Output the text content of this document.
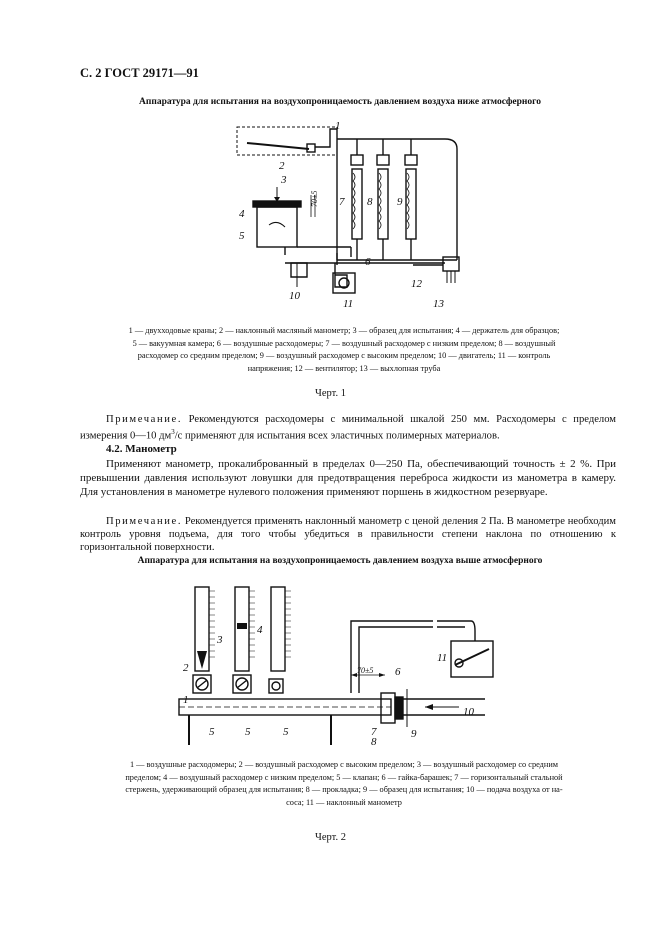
С. 2 ГОСТ 29171—91
Аппаратура для испытания на воздухопроницаемость давлением воздуха ниже атмосферного
1
2
3
4
5
6
7 8 9
10
11
12
13
70±5
1 — двухходовые краны; 2 — наклонный масляный манометр; 3 — образец для испытания; 4 — держатель для образцов;
5 — вакуумная камера; 6 — воздушные расходомеры; 7 — воздушный расходомер с низким пределом; 8 — воздушный
расходомер со средним пределом; 9 — воздушный расходомер с высоким пределом; 10 — двигатель; 11 — контроль
напряжения; 12 — вентилятор; 13 — выхлопная труба
Черт. 1
Примечание. Рекомендуются расходомеры с минимальной шкалой 250 мм. Расходомеры с пределом измерения 0—10 $дм^3/с$ применяют для испытания всех эластичных полимерных материалов.
4.2. Манометр
Применяют манометр, прокалиброванный в пределах 0—250 Па, обеспечивающий точность ± 2 %. При превышении давления используют ловушки для предотвращения переброса жидкости из манометра в камеру. Для установления в манометре нулевого положения применяют поршень в жидкостном резервуаре.
Примечание. Рекомендуется применять наклонный манометр с ценой деления 2 Па. В манометре необходим контроль уровня подъема, для того чтобы убедиться в правильности степени наклона по отношению к горизонтальной поверхности.
Аппаратура для испытания на воздухопроницаемость давлением воздуха выше атмосферного
2
3
4
1
5	5	5
6
7
8
9
10
11
70±5
1 — воздушные расходомеры; 2 — воздушный расходомер с высоким пределом; 3 — воздушный расходомер со средним
пределом; 4 — воздушный расходомер с низким пределом; 5 — клапан; 6 — гайка-барашек; 7 — горизонтальный стальной
стержень, удерживающий образец для испытания; 8 — прокладка; 9 — образец для испытания; 10 — подача воздуха от на-
соса; 11 — наклонный манометр
Черт. 2
